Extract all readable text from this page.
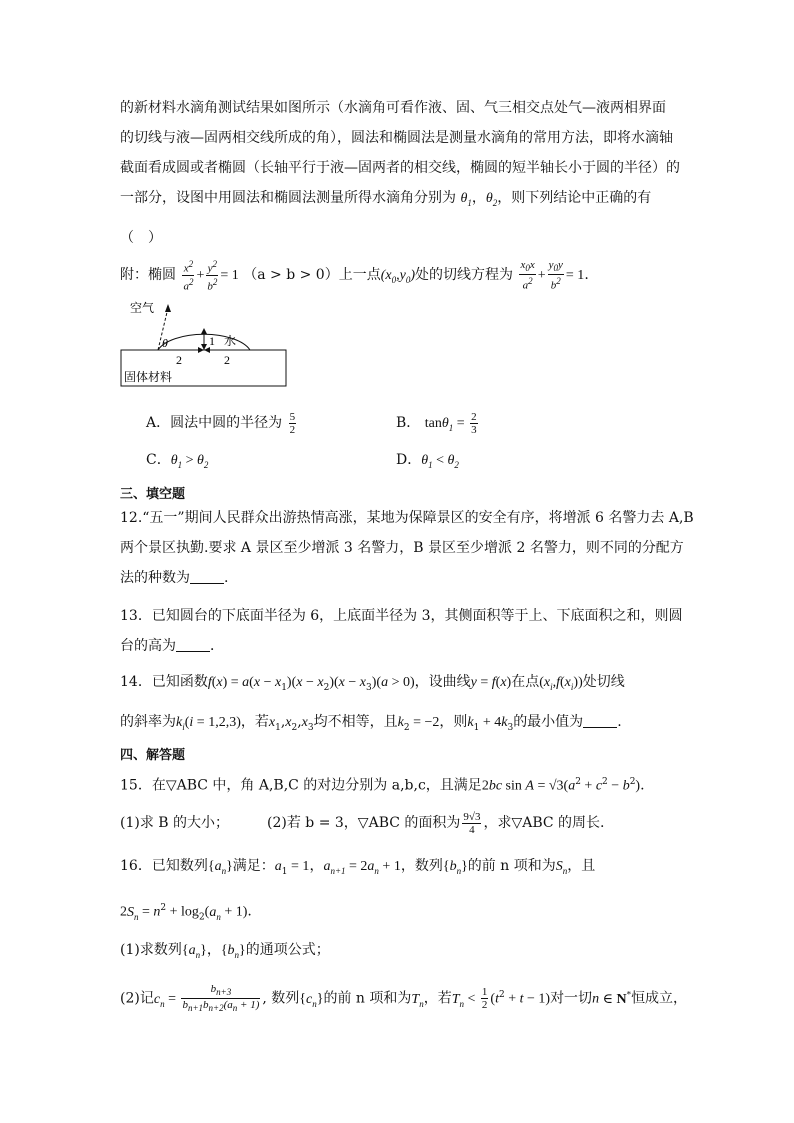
的新材料水滴角测试结果如图所示（水滴角可看作液、固、气三相交点处气—液两相界面
的切线与液—固两相交线所成的角），圆法和椭圆法是测量水滴角的常用方法，即将水滴轴
截面看成圆或者椭圆（长轴平行于液—固两者的相交线，椭圆的短半轴长小于圆的半径）的
一部分，设图中用圆法和椭圆法测量所得水滴角分别为 $\theta_1$，$\theta_2$，则下列结论中正确的有
（　）
附：椭圆 $\frac{x^2}{a^2} + \frac{y^2}{b^2} = 1$ （a > b > 0）上一点$(x_0,y_0)$处的切线方程为 $\frac{x_0x}{a^2} + \frac{y_0y}{b^2} = 1$.
空气
θ	1 水
2	2
固体材料
A．圆法中圆的半径为 $\frac{5}{2}$	B． $\tan\theta_1 = \frac{2}{3}$
C．$\theta_1 > \theta_2$	D．$\theta_1 < \theta_2$
三、填空题
12.“五一”期间人民群众出游热情高涨，某地为保障景区的安全有序，将增派 6 名警力去 A,B
两个景区执勤.要求 A 景区至少增派 3 名警力，B 景区至少增派 2 名警力，则不同的分配方
法的种数为 .
13．已知圆台的下底面半径为 6，上底面半径为 3，其侧面积等于上、下底面积之和，则圆
台的高为 ．
14．已知函数$f(x) = a(x - x_1)(x - x_2)(x - x_3)(a > 0)$，设曲线y = f(x)在点$(x_i,f(x_i))$处切线
的斜率为$k_i(i = 1,2,3)$，若$x_1,x_2,x_3$均不相等，且$k_2 = -2$，则$k_1 + 4k_3$的最小值为 .
四、解答题
15．在▽ABC 中，角 A,B,C 的对边分别为 a,b,c，且满足2bc $\sin A = √3(a^2 + c^2 - b^2)$.
(1)求 B 的大小；	(2)若 b = 3，▽ABC 的面积为 $\frac{9√3}{4}$ ，求▽ABC 的周长.
16．已知数列$\{a_n\}$满足：$a_1 = 1$，$a_{n+1} = 2a_n + 1$，数列$\{b_n\}$的前 n 项和为$S_n$，且
$2S_n = n^2 + \log_2(a_n + 1)$.
(1)求数列$\{a_n\}$，$\{b_n\}$的通项公式；
(2)记$c_n = \frac{b_{n+3}}{b_{n+1}b_{n+2}(a_n + 1)}$ , 数列$\{c_n\}$的前 n 项和为$T_n$，若$T_n < \frac{1}{2} (t^2 + t - 1)$对一切n ∈ N*恒成立，
